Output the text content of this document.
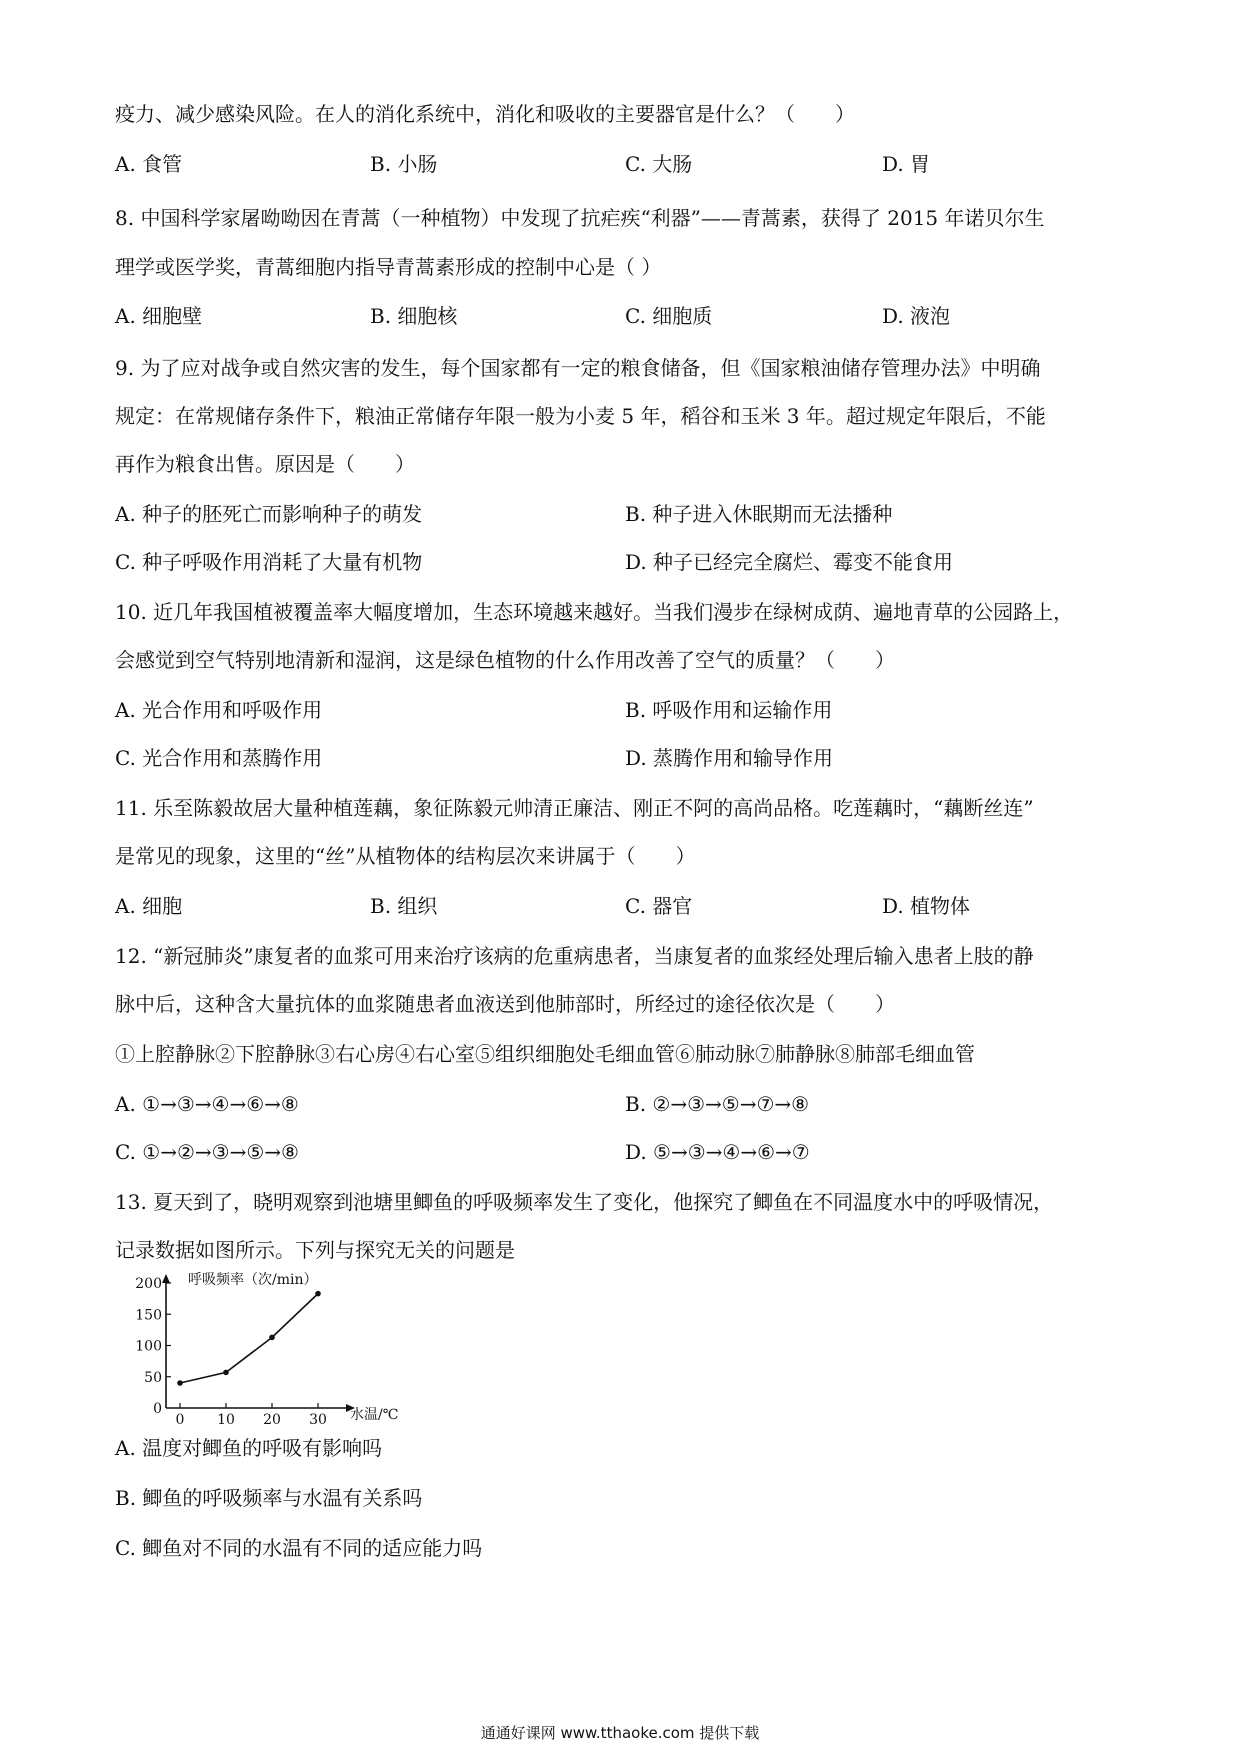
疫力、减少感染风险。在人的消化系统中，消化和吸收的主要器官是什么？（　　）
A. 食管	B. 小肠	C. 大肠	D. 胃
8. 中国科学家屠呦呦因在青蒿（一种植物）中发现了抗疟疾“利器”——青蒿素，获得了 2015 年诺贝尔生
理学或医学奖，青蒿细胞内指导青蒿素形成的控制中心是（ ）
A. 细胞壁	B. 细胞核	C. 细胞质	D. 液泡
9. 为了应对战争或自然灾害的发生，每个国家都有一定的粮食储备，但《国家粮油储存管理办法》中明确
规定：在常规储存条件下，粮油正常储存年限一般为小麦 5 年，稻谷和玉米 3 年。超过规定年限后，不能
再作为粮食出售。原因是（　　）
A. 种子的胚死亡而影响种子的萌发	B. 种子进入休眠期而无法播种
C. 种子呼吸作用消耗了大量有机物	D. 种子已经完全腐烂、霉变不能食用
10. 近几年我国植被覆盖率大幅度增加，生态环境越来越好。当我们漫步在绿树成荫、遍地青草的公园路上，
会感觉到空气特别地清新和湿润，这是绿色植物的什么作用改善了空气的质量？（　　）
A. 光合作用和呼吸作用	B. 呼吸作用和运输作用
C. 光合作用和蒸腾作用	D. 蒸腾作用和输导作用
11. 乐至陈毅故居大量种植莲藕，象征陈毅元帅清正廉洁、刚正不阿的高尚品格。吃莲藕时，“藕断丝连”
是常见的现象，这里的“丝”从植物体的结构层次来讲属于（　　）
A. 细胞	B. 组织	C. 器官	D. 植物体
12. “新冠肺炎”康复者的血浆可用来治疗该病的危重病患者，当康复者的血浆经处理后输入患者上肢的静
脉中后，这种含大量抗体的血浆随患者血液送到他肺部时，所经过的途径依次是（　　）
①上腔静脉②下腔静脉③右心房④右心室⑤组织细胞处毛细血管⑥肺动脉⑦肺静脉⑧肺部毛细血管
A. ①→③→④→⑥→⑧	B. ②→③→⑤→⑦→⑧
C. ①→②→③→⑤→⑧	D. ⑤→③→④→⑥→⑦
13. 夏天到了，晓明观察到池塘里鲫鱼的呼吸频率发生了变化，他探究了鲫鱼在不同温度水中的呼吸情况，
记录数据如图所示。下列与探究无关的问题是
0
50
100
150
200
0 10 20 30
呼吸频率（次/min）
水温/℃
A. 温度对鲫鱼的呼吸有影响吗
B. 鲫鱼的呼吸频率与水温有关系吗
C. 鲫鱼对不同的水温有不同的适应能力吗
通通好课网 www.tthaoke.com 提供下载
